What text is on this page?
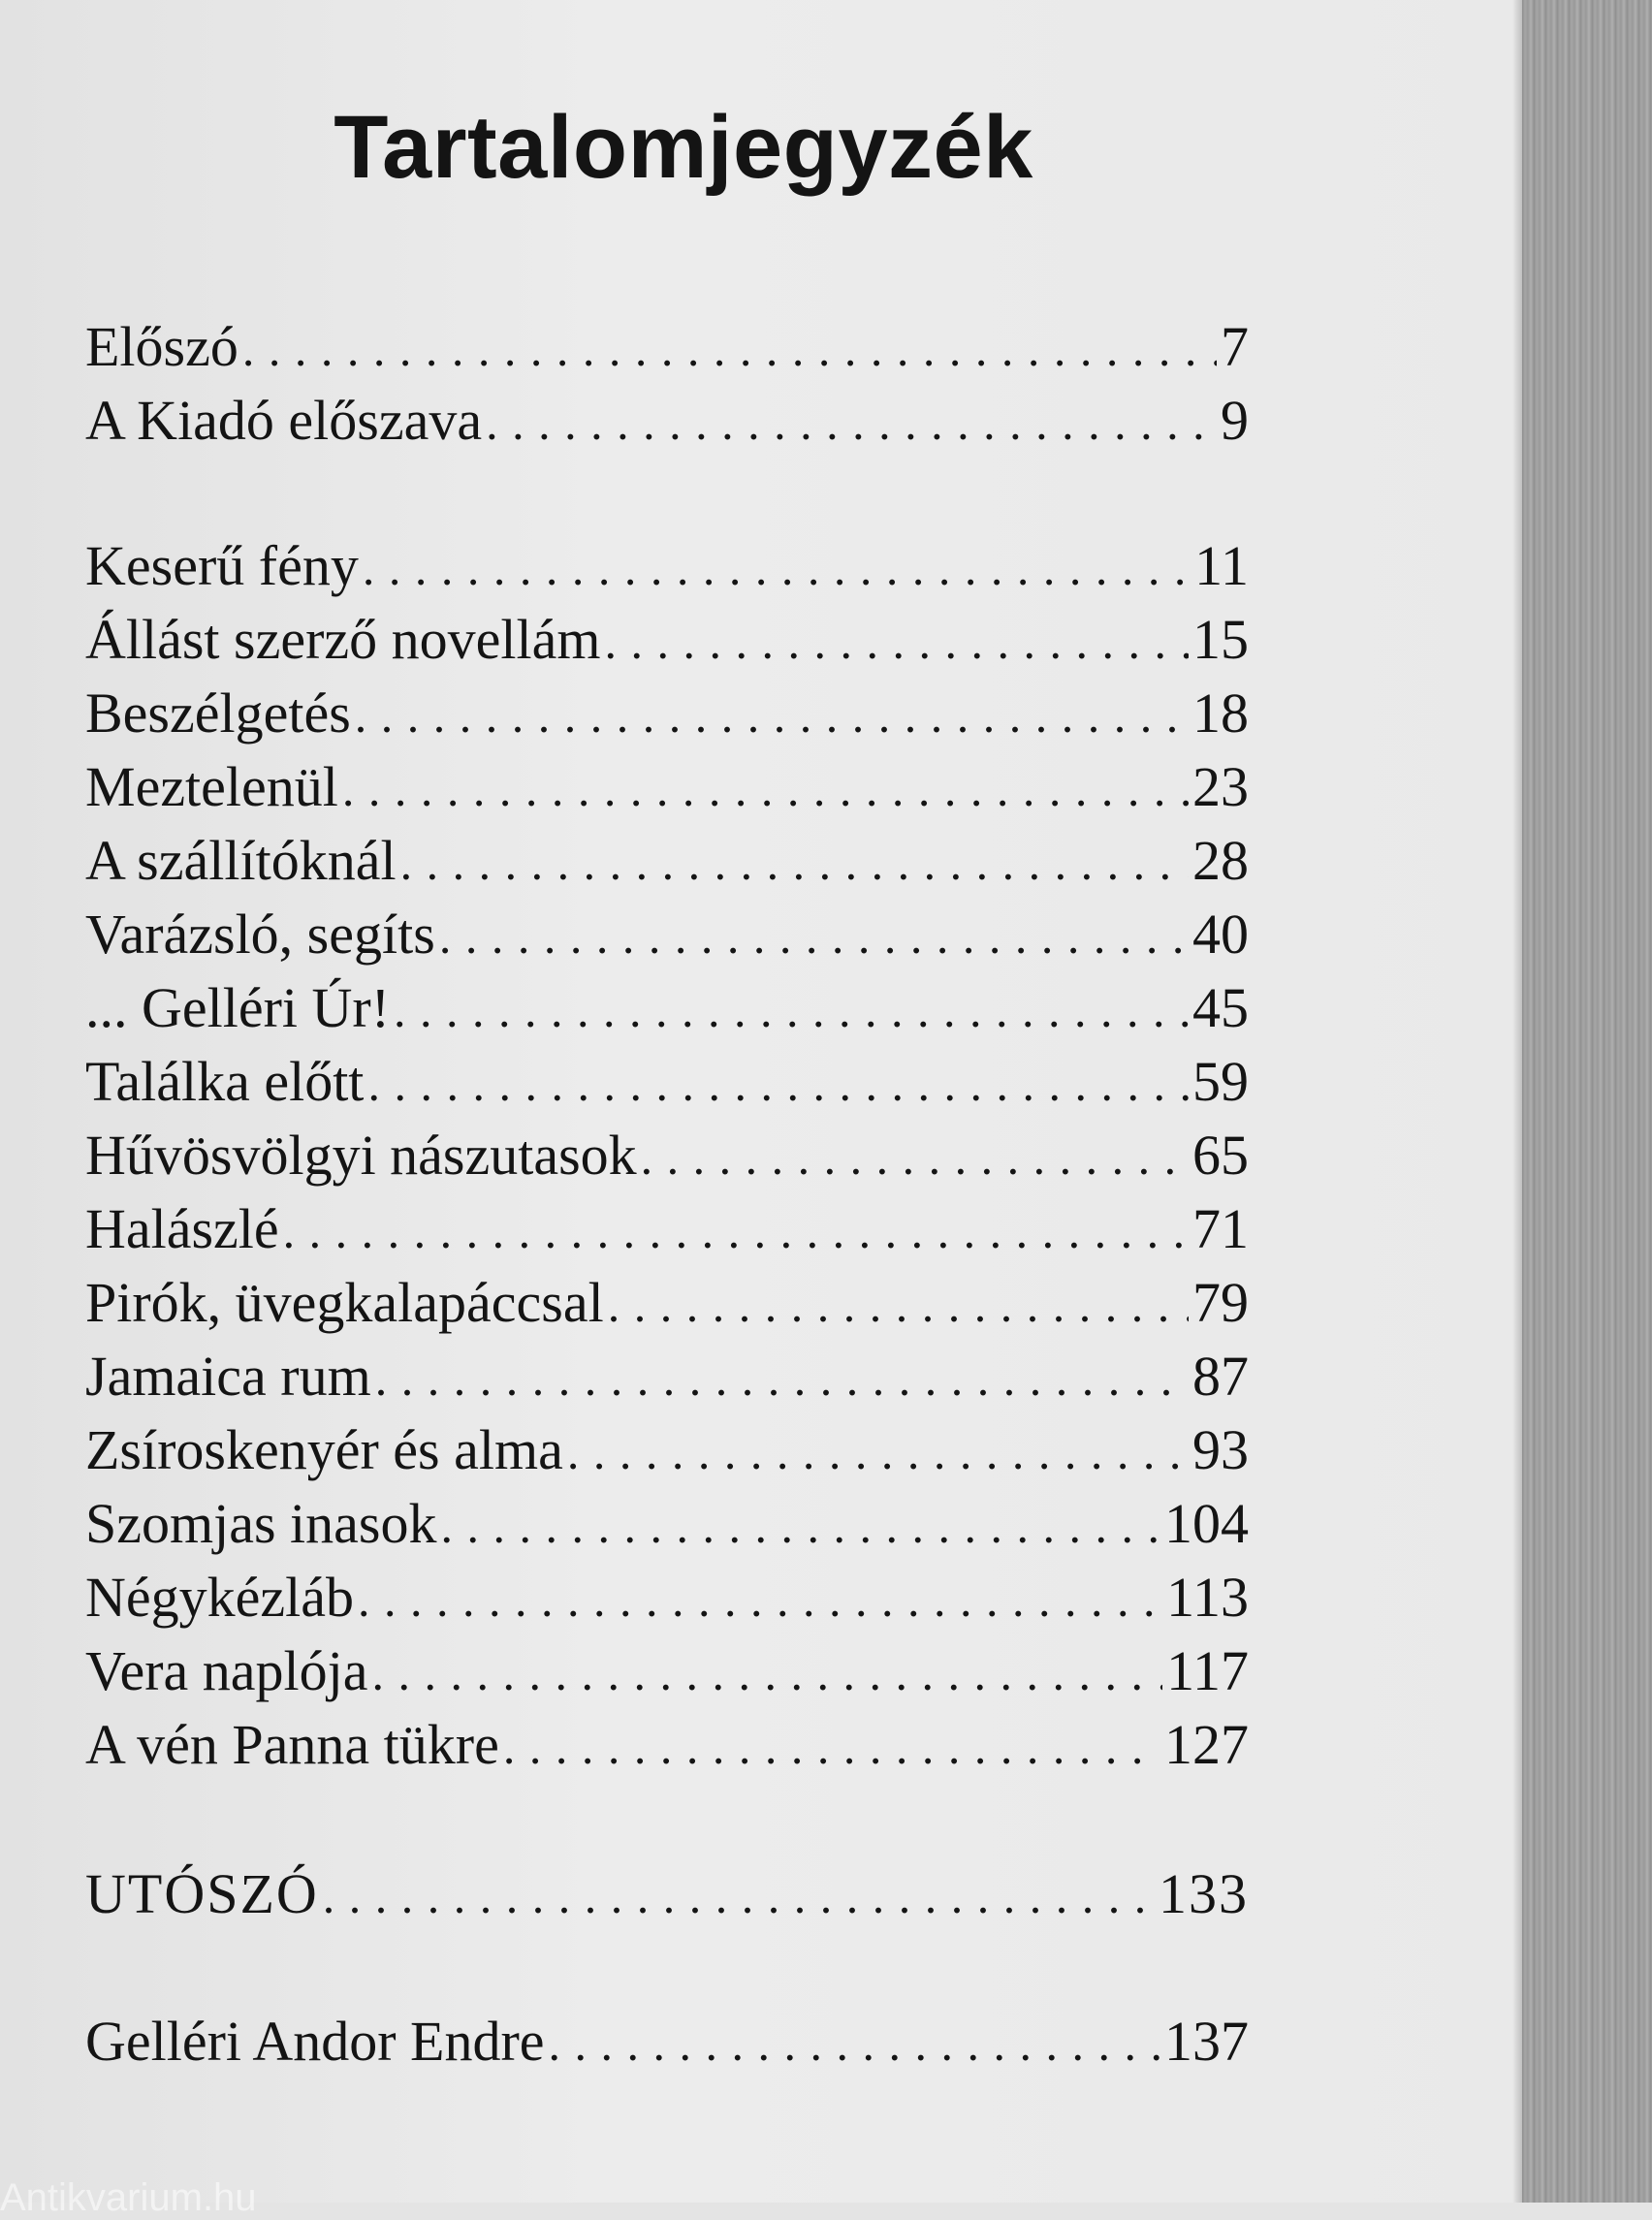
Tartalomjegyzék
Előszó . . .	7
A Kiadó előszava . . .	9
Keserű fény . . .	11
Állást szerző novellám . . .	15
Beszélgetés . . .	18
Meztelenül . . .	23
A szállítóknál . . .	28
Varázsló, segíts . . .	40
... Gelléri Úr! . . .	45
Találka előtt . . .	59
Hűvösvölgyi nászutasok . . .	65
Halászlé . . .	71
Pirók, üvegkalapáccsal . . .	79
Jamaica rum . . .	87
Zsíroskenyér és alma . . .	93
Szomjas inasok . . .	104
Négykézláb . . .	113
Vera naplója . . .	117
A vén Panna tükre . . .	127
UTÓSZÓ . . .	133
Gelléri Andor Endre . . .	137
Antikvarium.hu
